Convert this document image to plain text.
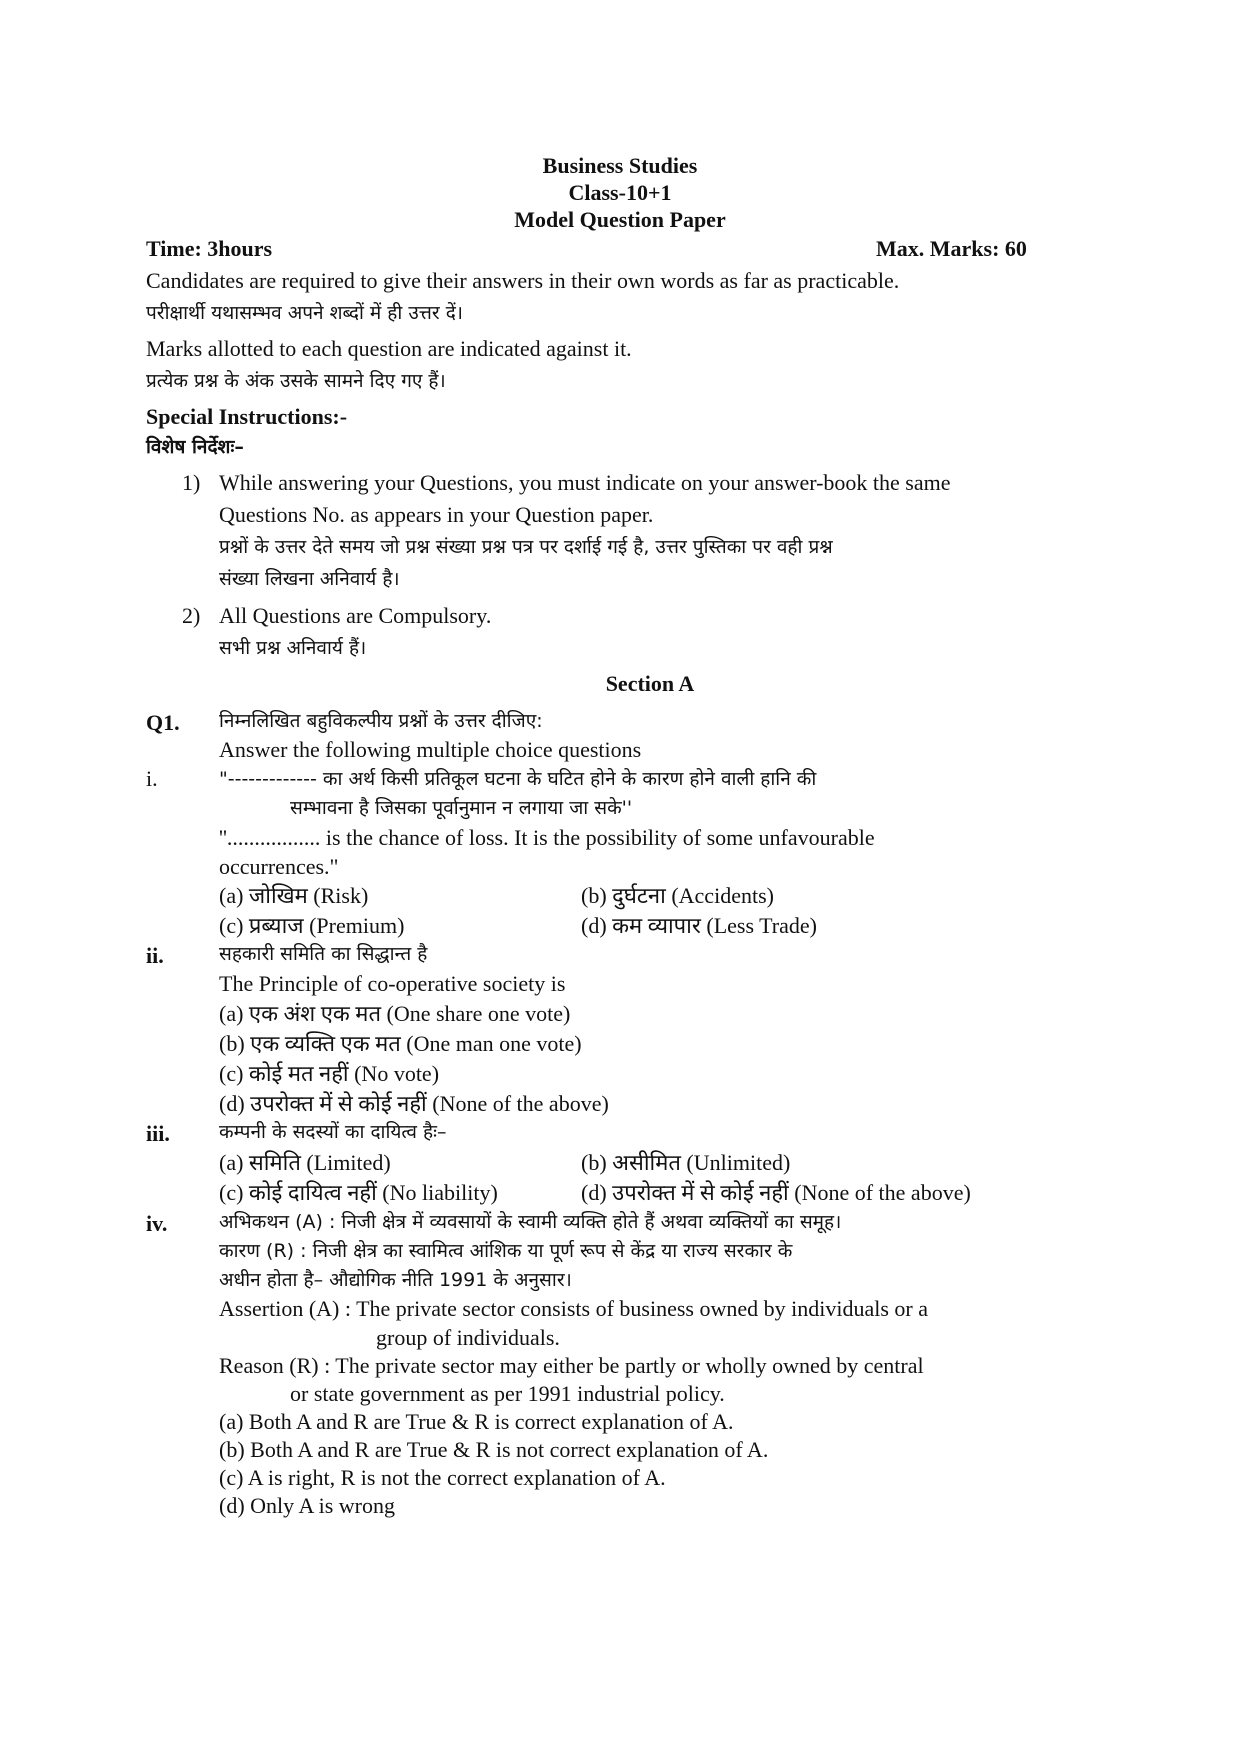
Business Studies
Class-10+1
Model Question Paper
Time: 3hours	Max. Marks: 60
Candidates are required to give their answers in their own words as far as practicable.
परीक्षार्थी यथासम्भव अपने शब्दों में ही उत्तर दें।
Marks allotted to each question are indicated against it.
प्रत्येक प्रश्न के अंक उसके सामने दिए गए हैं।
Special Instructions:-
विशेष निर्देशः–
1) While answering your Questions, you must indicate on your answer-book the same
Questions No. as appears in your Question paper.
प्रश्नों के उत्तर देते समय जो प्रश्न संख्या प्रश्न पत्र पर दर्शाई गई है, उत्तर पुस्तिका पर वही प्रश्न
संख्या लिखना अनिवार्य है।
2) All Questions are Compulsory.
सभी प्रश्न अनिवार्य हैं।
Section A
Q1. निम्नलिखित बहुविकल्पीय प्रश्नों के उत्तर दीजिए:
Answer the following multiple choice questions
i.	"------------- का अर्थ किसी प्रतिकूल घटना के घटित होने के कारण होने वाली हानि की
सम्भावना है जिसका पूर्वानुमान न लगाया जा सके''
''................. is the chance of loss. It is the possibility of some unfavourable
occurrences."
(a) जोखिम (Risk)	(b) दुर्घटना (Accidents)
(c) प्रब्याज (Premium)	(d) कम व्यापार (Less Trade)
ii.	सहकारी समिति का सिद्धान्त है
The Principle of co-operative society is
(a) एक अंश एक मत (One share one vote)
(b) एक व्यक्ति एक मत (One man one vote)
(c) कोई मत नहीं (No vote)
(d) उपरोक्त में से कोई नहीं (None of the above)
iii.	कम्पनी के सदस्यों का दायित्व हैः–
(a) समिति (Limited)	(b) असीमित (Unlimited)
(c) कोई दायित्व नहीं (No liability)	(d) उपरोक्त में से कोई नहीं (None of the above)
iv.	अभिकथन (A) : निजी क्षेत्र में व्यवसायों के स्वामी व्यक्ति होते हैं अथवा व्यक्तियों का समूह।
कारण (R) : निजी क्षेत्र का स्वामित्व आंशिक या पूर्ण रूप से केंद्र या राज्य सरकार के
अधीन होता है– औद्योगिक नीति 1991 के अनुसार।
Assertion (A) : The private sector consists of business owned by individuals or a
group of individuals.
Reason (R) : The private sector may either be partly or wholly owned by central
or state government as per 1991 industrial policy.
(a) Both A and R are True & R is correct explanation of A.
(b) Both A and R are True & R is not correct explanation of A.
(c) A is right, R is not the correct explanation of A.
(d) Only A is wrong
